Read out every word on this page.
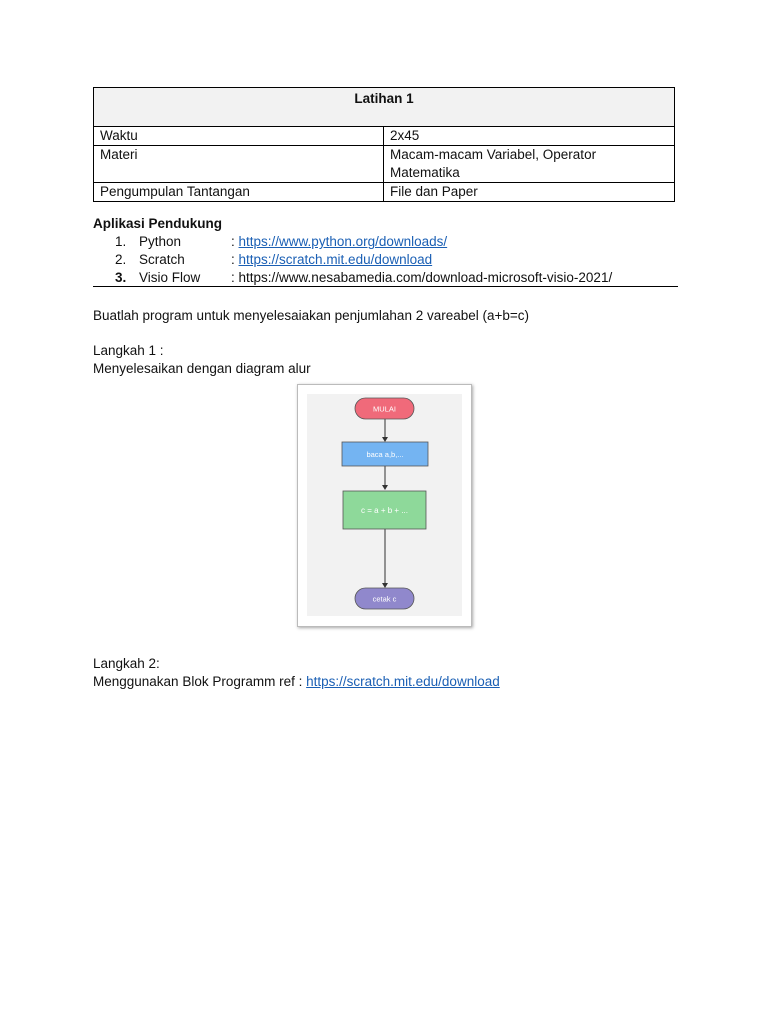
Latihan 1	
Waktu	2x45
Materi	Macam-macam Variabel, Operator Matematika
Pengumpulan Tantangan	File dan Paper
Aplikasi Pendukung
1. Python	: https://www.python.org/downloads/
2. Scratch	: https://scratch.mit.edu/download
3. Visio Flow : https://www.nesabamedia.com/download-microsoft-visio-2021/
Buatlah program untuk menyelesaiakan penjumlahan 2 vareabel (a+b=c)
Langkah 1 :
Menyelesaikan dengan diagram alur
MULAI
baca a,b,...
c = a + b + ...
cetak c
Langkah 2:
Menggunakan Blok Programm ref : https://scratch.mit.edu/download
